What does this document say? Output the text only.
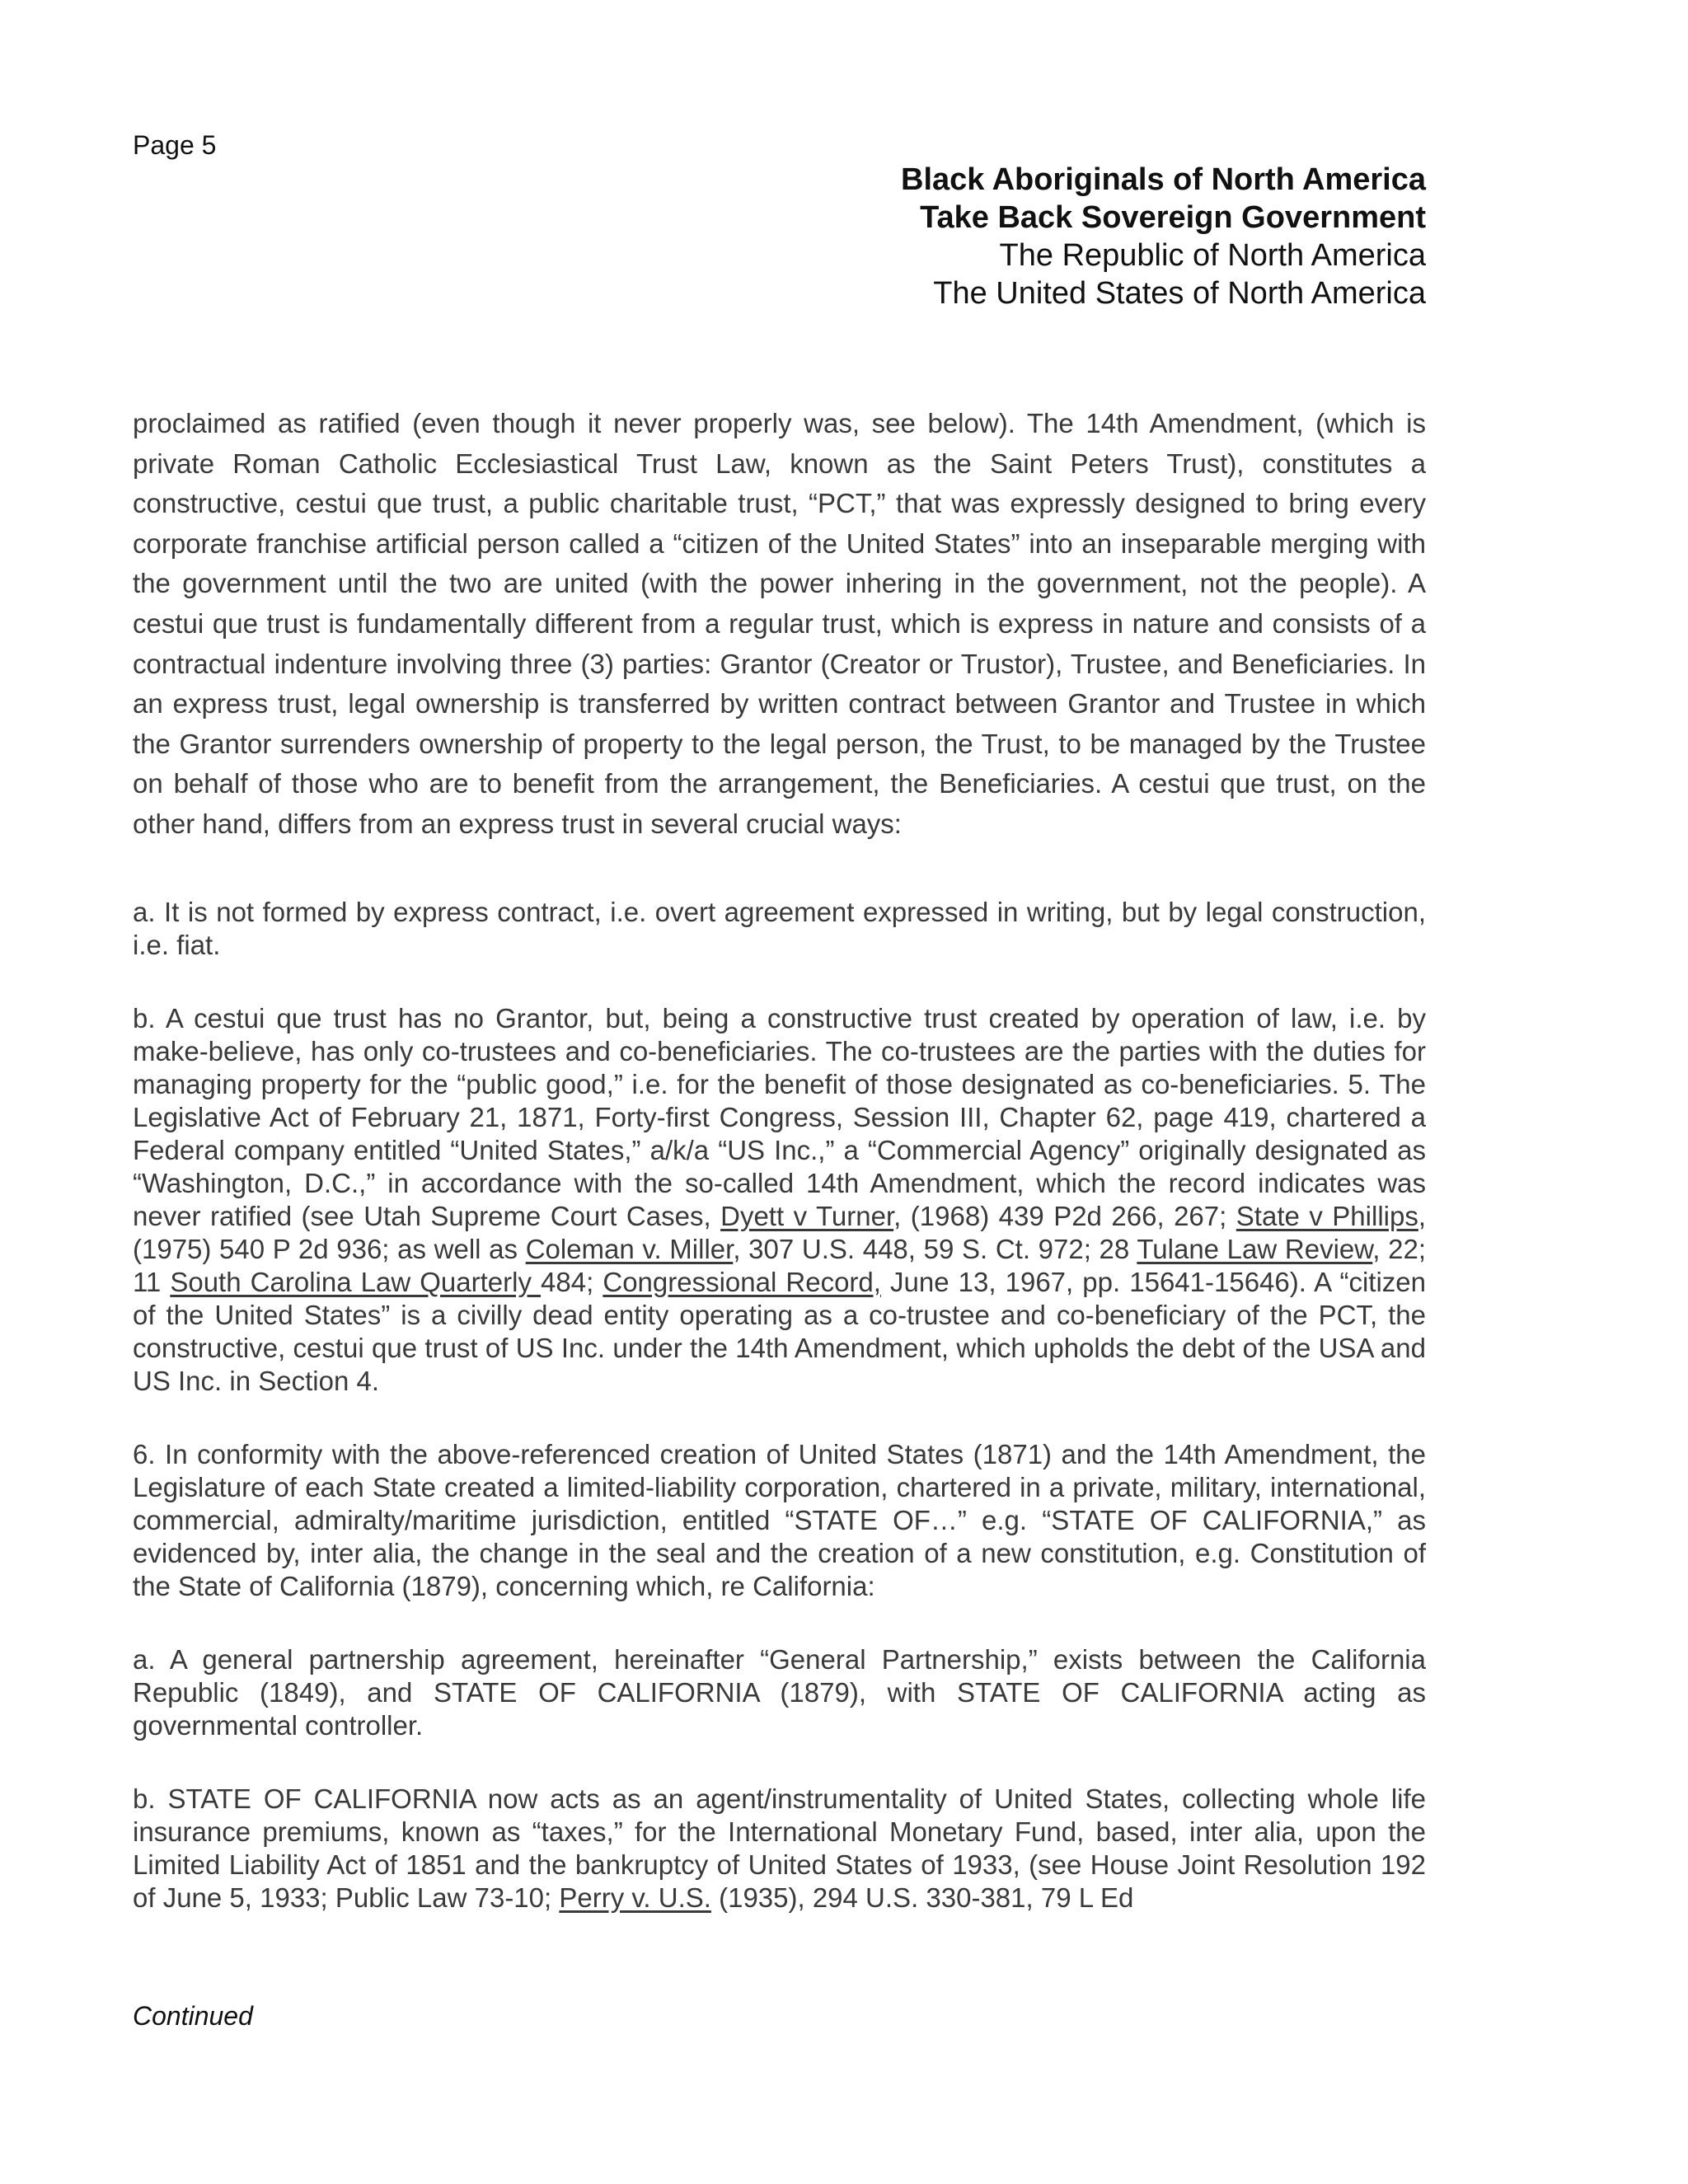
Page 5
Black Aboriginals of North America
Take Back Sovereign Government
The Republic of North America
The United States of North America

proclaimed as ratified (even though it never properly was, see below). The 14th Amendment, (which is private Roman Catholic Ecclesiastical Trust Law, known as the Saint Peters Trust), constitutes a constructive, cestui que trust, a public charitable trust, “PCT,” that was expressly designed to bring every corporate franchise artificial person called a “citizen of the United States” into an inseparable merging with the government until the two are united (with the power inhering in the government, not the people). A cestui que trust is fundamentally different from a regular trust, which is express in nature and consists of a contractual indenture involving three (3) parties: Grantor (Creator or Trustor), Trustee, and Beneficiaries. In an express trust, legal ownership is transferred by written contract between Grantor and Trustee in which the Grantor surrenders ownership of property to the legal person, the Trust, to be managed by the Trustee on behalf of those who are to benefit from the arrangement, the Beneficiaries. A cestui que trust, on the other hand, differs from an express trust in several crucial ways:

a. It is not formed by express contract, i.e. overt agreement expressed in writing, but by legal construction, i.e. fiat.

b. A cestui que trust has no Grantor, but, being a constructive trust created by operation of law, i.e. by make-believe, has only co-trustees and co-beneficiaries. The co-trustees are the parties with the duties for managing property for the “public good,” i.e. for the benefit of those designated as co-beneficiaries. 5. The Legislative Act of February 21, 1871, Forty-first Congress, Session III, Chapter 62, page 419, chartered a Federal company entitled “United States,” a/k/a “US Inc.,” a “Commercial Agency” originally designated as “Washington, D.C.,” in accordance with the so-called 14th Amendment, which the record indicates was never ratified (see Utah Supreme Court Cases, Dyett v Turner, (1968) 439 P2d 266, 267; State v Phillips, (1975) 540 P 2d 936; as well as Coleman v. Miller, 307 U.S. 448, 59 S. Ct. 972; 28 Tulane Law Review, 22; 11 South Carolina Law Quarterly 484; Congressional Record, June 13, 1967, pp. 15641-15646). A “citizen of the United States” is a civilly dead entity operating as a co-trustee and co-beneficiary of the PCT, the constructive, cestui que trust of US Inc. under the 14th Amendment, which upholds the debt of the USA and US Inc. in Section 4.

6. In conformity with the above-referenced creation of United States (1871) and the 14th Amendment, the Legislature of each State created a limited-liability corporation, chartered in a private, military, international, commercial, admiralty/maritime jurisdiction, entitled “STATE OF…” e.g. “STATE OF CALIFORNIA,” as evidenced by, inter alia, the change in the seal and the creation of a new constitution, e.g. Constitution of the State of California (1879), concerning which, re California:

a. A general partnership agreement, hereinafter “General Partnership,” exists between the California Republic (1849), and STATE OF CALIFORNIA (1879), with STATE OF CALIFORNIA acting as governmental controller.

b. STATE OF CALIFORNIA now acts as an agent/instrumentality of United States, collecting whole life insurance premiums, known as “taxes,” for the International Monetary Fund, based, inter alia, upon the Limited Liability Act of 1851 and the bankruptcy of United States of 1933, (see House Joint Resolution 192 of June 5, 1933; Public Law 73-10; Perry v. U.S. (1935), 294 U.S. 330-381, 79 L Ed

Continued
